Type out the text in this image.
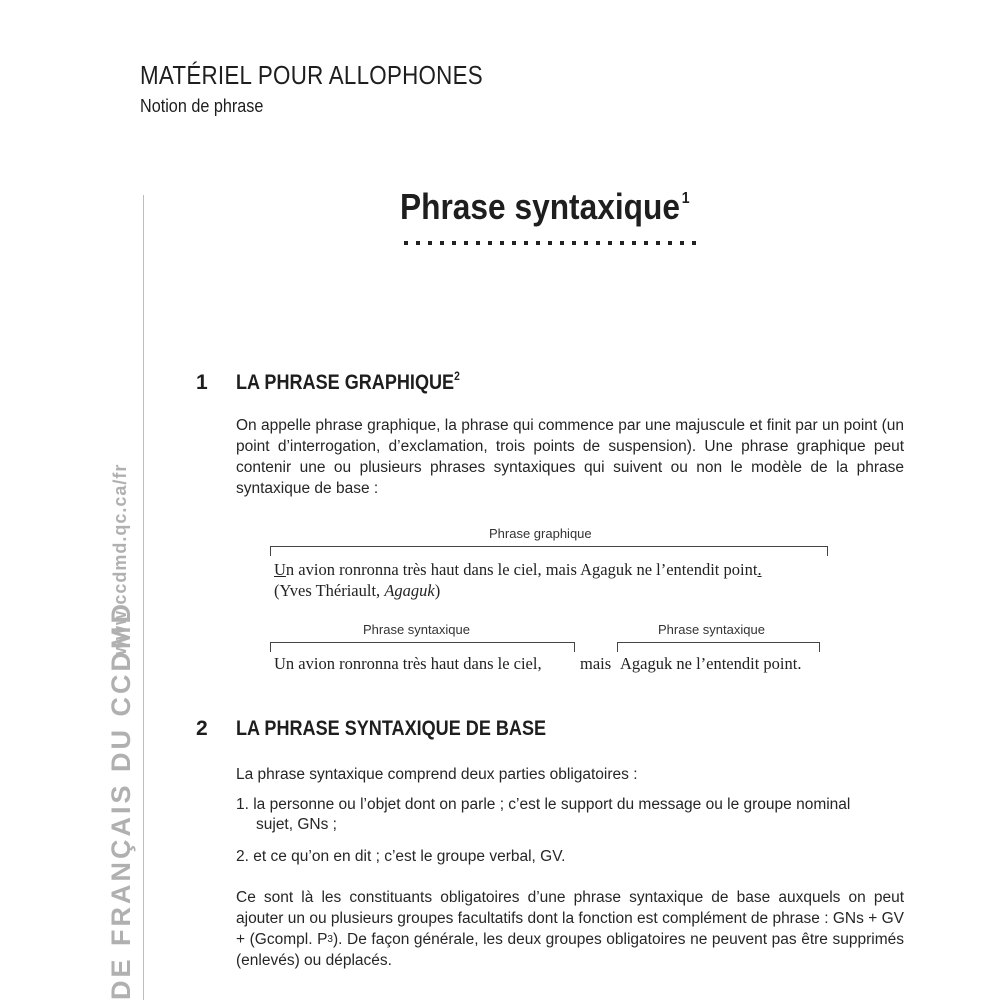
MATÉRIEL POUR ALLOPHONES
Notion de phrase
www.ccdmd.qc.ca/fr
DE FRANÇAIS DU CCDMD
Phrase syntaxique $^1$
1 LA PHRASE GRAPHIQUE$^2$
On appelle phrase graphique, la phrase qui commence par une majuscule et finit par un point (un point d’interrogation, d’exclamation, trois points de suspension). Une phrase graphique peut contenir une ou plusieurs phrases syntaxiques qui suivent ou non le modèle de la phrase syntaxique de base :
Phrase graphique
Un avion ronronna très haut dans le ciel, mais Agaguk ne l’entendit point.
(Yves Thériault, Agaguk)
Phrase syntaxique	Phrase syntaxique
Un avion ronronna très haut dans le ciel, mais Agaguk ne l’entendit point.
2 LA PHRASE SYNTAXIQUE DE BASE
La phrase syntaxique comprend deux parties obligatoires :
1. la personne ou l’objet dont on parle ; c’est le support du message ou le groupe nominal
sujet, GNs ;
2. et ce qu’on en dit ; c’est le groupe verbal, GV.
Ce sont là les constituants obligatoires d’une phrase syntaxique de base auxquels on peut ajouter un ou plusieurs groupes facultatifs dont la fonction est complément de phrase : GNs + GV + (Gcompl. $P^3$). De façon générale, les deux groupes obligatoires ne peuvent pas être supprimés (enlevés) ou déplacés.
